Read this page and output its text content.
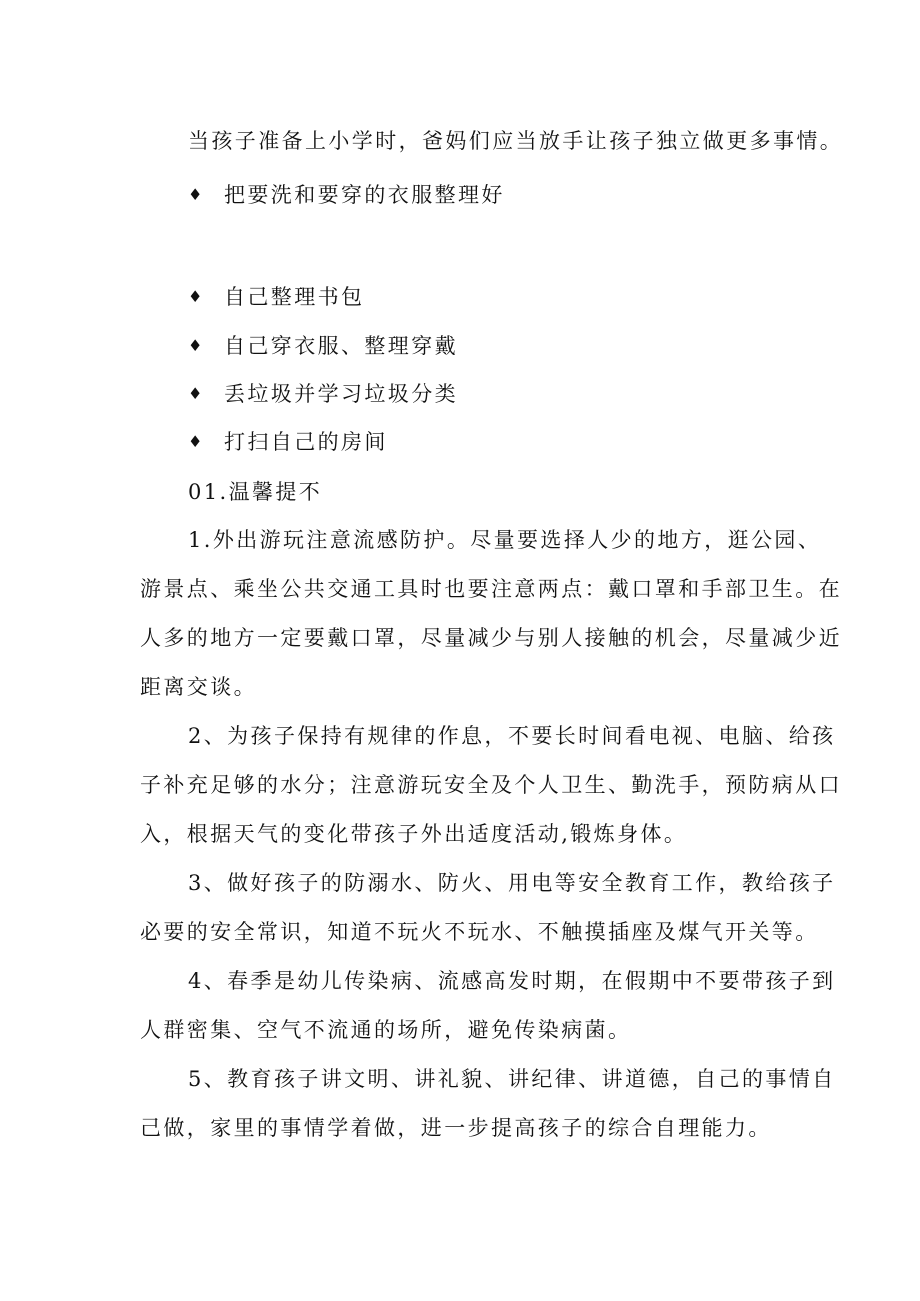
当孩子准备上小学时，爸妈们应当放手让孩子独立做更多事情。
♦ 把要洗和要穿的衣服整理好
♦ 自己整理书包
♦ 自己穿衣服、整理穿戴
♦ 丢垃圾并学习垃圾分类
♦ 打扫自己的房间
01.温馨提不
1.外出游玩注意流感防护。尽量要选择人少的地方，逛公园、
游景点、乘坐公共交通工具时也要注意两点：戴口罩和手部卫生。在
人多的地方一定要戴口罩，尽量减少与别人接触的机会，尽量减少近
距离交谈。
2、为孩子保持有规律的作息，不要长时间看电视、电脑、给孩
子补充足够的水分；注意游玩安全及个人卫生、勤洗手，预防病从口
入，根据天气的变化带孩子外出适度活动,锻炼身体。
3、做好孩子的防溺水、防火、用电等安全教育工作，教给孩子
必要的安全常识，知道不玩火不玩水、不触摸插座及煤气开关等。
4、春季是幼儿传染病、流感高发时期，在假期中不要带孩子到
人群密集、空气不流通的场所，避免传染病菌。
5、教育孩子讲文明、讲礼貌、讲纪律、讲道德，自己的事情自
己做，家里的事情学着做，进一步提高孩子的综合自理能力。
